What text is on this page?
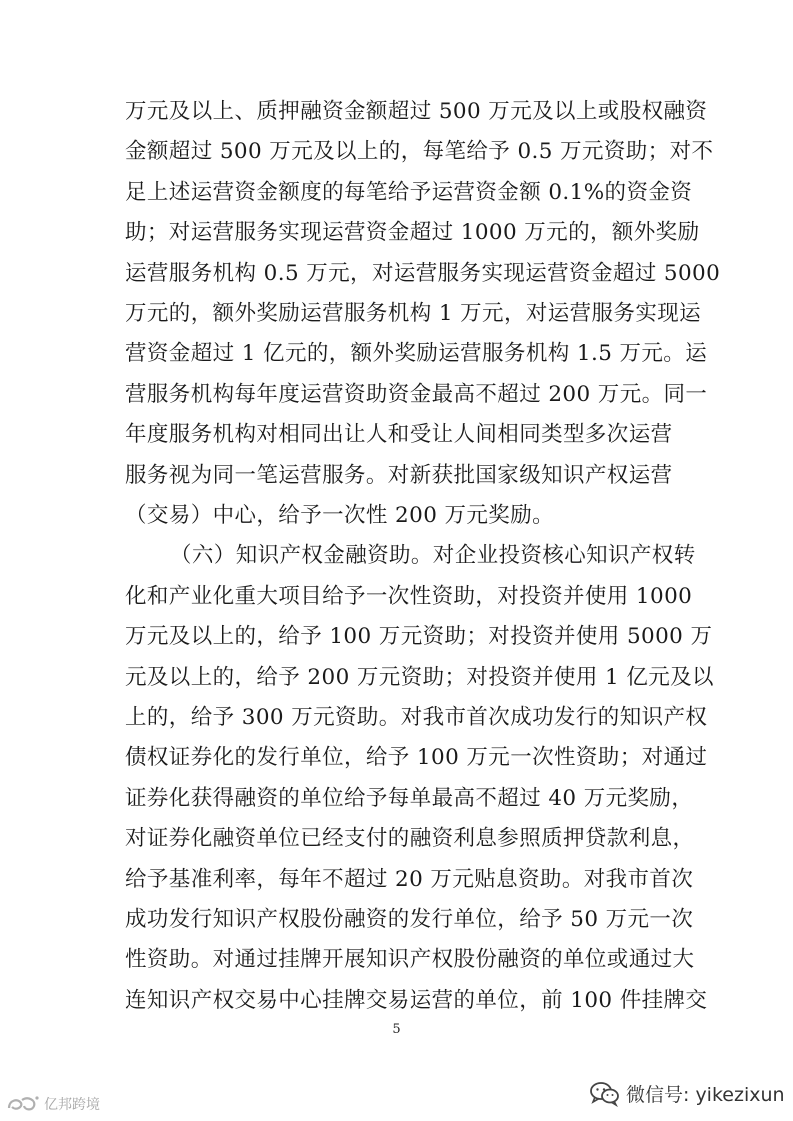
万元及以上、质押融资金额超过 500 万元及以上或股权融资
金额超过 500 万元及以上的，每笔给予 0.5 万元资助；对不
足上述运营资金额度的每笔给予运营资金额 0.1%的资金资
助；对运营服务实现运营资金超过 1000 万元的，额外奖励
运营服务机构 0.5 万元，对运营服务实现运营资金超过 5000
万元的，额外奖励运营服务机构 1 万元，对运营服务实现运
营资金超过 1 亿元的，额外奖励运营服务机构 1.5 万元。运
营服务机构每年度运营资助资金最高不超过 200 万元。同一
年度服务机构对相同出让人和受让人间相同类型多次运营
服务视为同一笔运营服务。对新获批国家级知识产权运营
（交易）中心，给予一次性 200 万元奖励。
（六）知识产权金融资助。对企业投资核心知识产权转
化和产业化重大项目给予一次性资助，对投资并使用 1000
万元及以上的，给予 100 万元资助；对投资并使用 5000 万
元及以上的，给予 200 万元资助；对投资并使用 1 亿元及以
上的，给予 300 万元资助。对我市首次成功发行的知识产权
债权证券化的发行单位，给予 100 万元一次性资助；对通过
证券化获得融资的单位给予每单最高不超过 40 万元奖励，
对证券化融资单位已经支付的融资利息参照质押贷款利息，
给予基准利率，每年不超过 20 万元贴息资助。对我市首次
成功发行知识产权股份融资的发行单位，给予 50 万元一次
性资助。对通过挂牌开展知识产权股份融资的单位或通过大
连知识产权交易中心挂牌交易运营的单位，前 100 件挂牌交
5
亿邦跨境	微信号: yikezixun
